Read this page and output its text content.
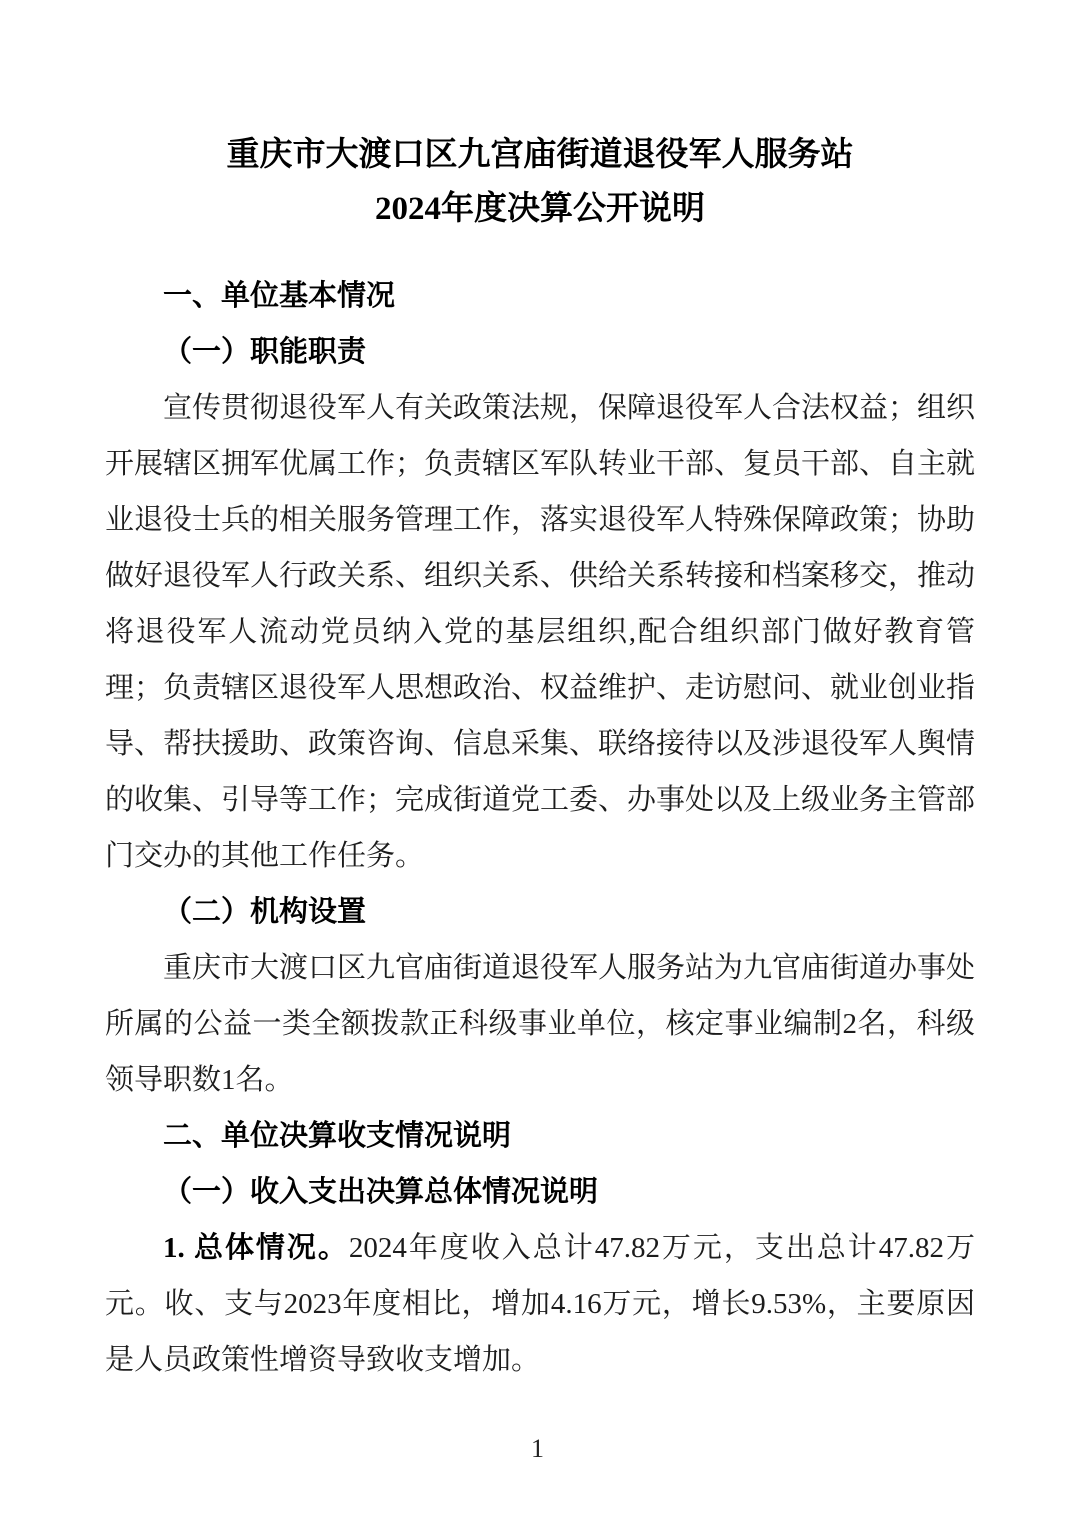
重庆市大渡口区九宫庙街道退役军人服务站
2024年度决算公开说明
一、单位基本情况
（一）职能职责

宣传贯彻退役军人有关政策法规，保障退役军人合法权益；组织开展辖区拥军优属工作；负责辖区军队转业干部、复员干部、自主就业退役士兵的相关服务管理工作，落实退役军人特殊保障政策；协助做好退役军人行政关系、组织关系、供给关系转接和档案移交，推动将退役军人流动党员纳入党的基层组织,配合组织部门做好教育管理；负责辖区退役军人思想政治、权益维护、走访慰问、就业创业指导、帮扶援助、政策咨询、信息采集、联络接待以及涉退役军人舆情的收集、引导等工作；完成街道党工委、办事处以及上级业务主管部门交办的其他工作任务。

（二）机构设置

重庆市大渡口区九官庙街道退役军人服务站为九官庙街道办事处所属的公益一类全额拨款正科级事业单位，核定事业编制2名，科级领导职数1名。

二、单位决算收支情况说明
（一）收入支出决算总体情况说明

1. 总体情况。2024年度收入总计47.82万元，支出总计47.82万元。收、支与2023年度相比，增加4.16万元，增长9.53%，主要原因是人员政策性增资导致收支增加。

1
